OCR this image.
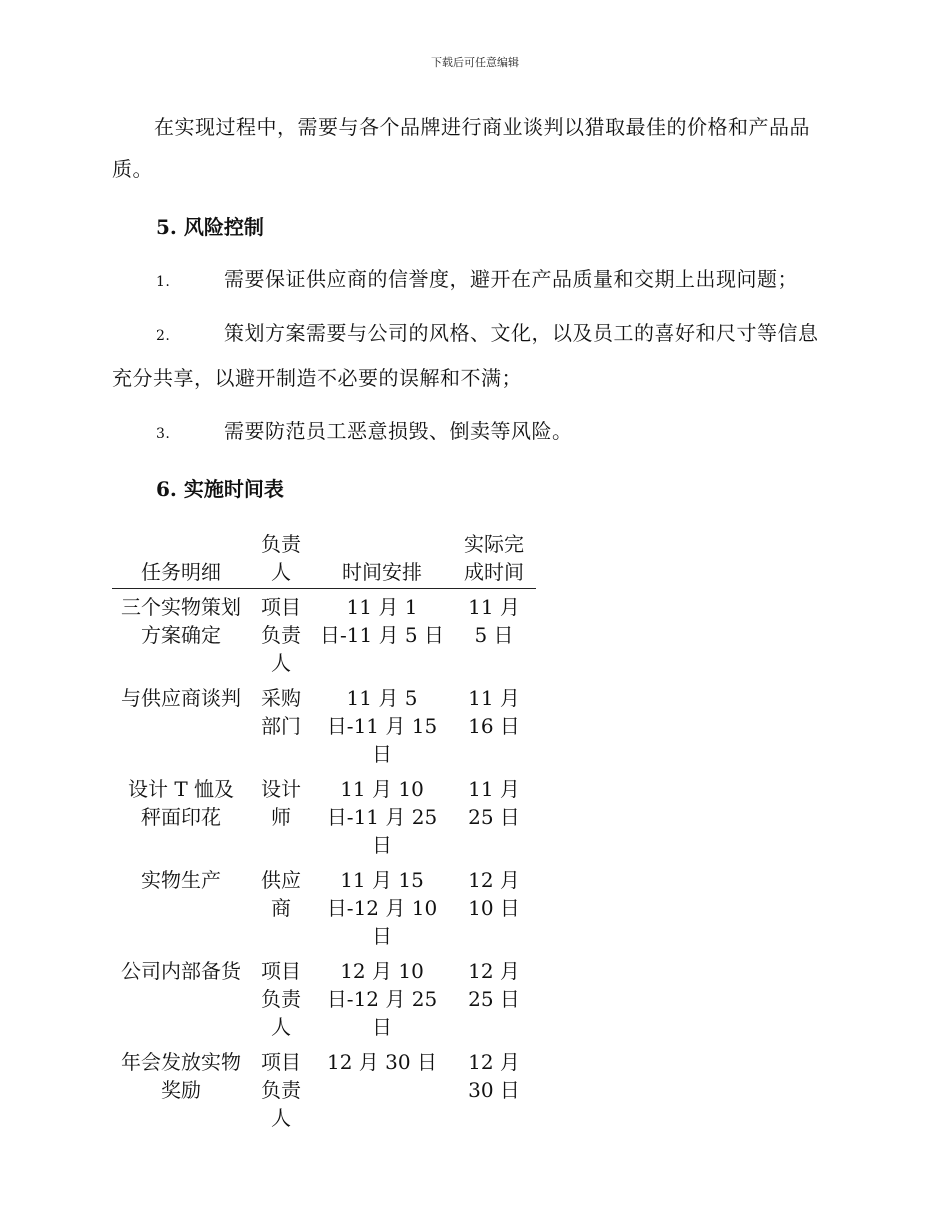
下载后可任意编辑
在实现过程中，需要与各个品牌进行商业谈判以猎取最佳的价格和产品品质。
5. 风险控制
1.	需要保证供应商的信誉度，避开在产品质量和交期上出现问题；
2.	策划方案需要与公司的风格、文化，以及员工的喜好和尺寸等信息充分共享，以避开制造不必要的误解和不满；
3.	需要防范员工恶意损毁、倒卖等风险。
6. 实施时间表
任务明细	负责人	时间安排	实际完成时间
三个实物策划方案确定	项目负责人	11 月 1 日-11 月 5 日	11 月 5 日
与供应商谈判	采购部门	11 月 5 日-11 月 15 日	11 月 16 日
设计 T 恤及秤面印花	设计师	11 月 10 日-11 月 25 日	11 月 25 日
实物生产	供应商	11 月 15 日-12 月 10 日	12 月 10 日
公司内部备货	项目负责人	12 月 10 日-12 月 25 日	12 月 25 日
年会发放实物奖励	项目负责人	12 月 30 日	12 月 30 日
